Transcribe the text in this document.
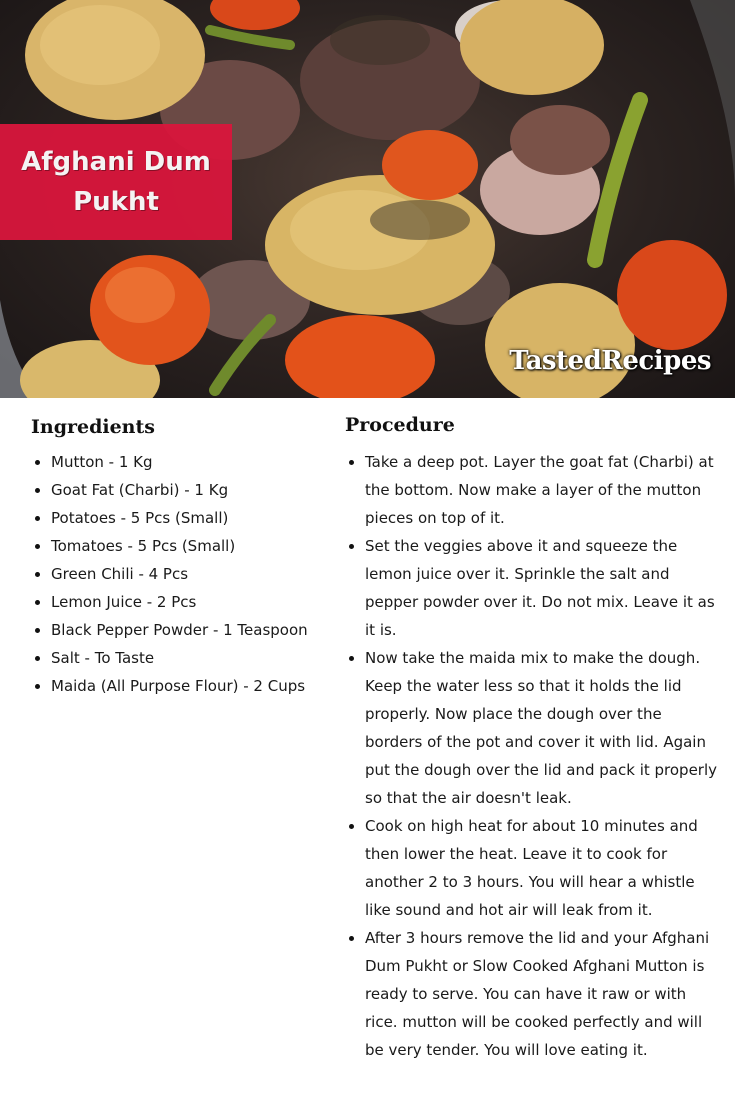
Afghani Dum Pukht
TastedRecipes
Ingredients
Mutton - 1 Kg
Goat Fat (Charbi) - 1 Kg
Potatoes - 5 Pcs (Small)
Tomatoes - 5 Pcs (Small)
Green Chili - 4 Pcs
Lemon Juice - 2 Pcs
Black Pepper Powder - 1 Teaspoon
Salt - To Taste
Maida (All Purpose Flour) - 2 Cups
Procedure
Take a deep pot. Layer the goat fat (Charbi) at the bottom. Now make a layer of the mutton pieces on top of it.
Set the veggies above it and squeeze the lemon juice over it. Sprinkle the salt and pepper powder over it. Do not mix. Leave it as it is.
Now take the maida mix to make the dough. Keep the water less so that it holds the lid properly. Now place the dough over the borders of the pot and cover it with lid. Again put the dough over the lid and pack it properly so that the air doesn't leak.
Cook on high heat for about 10 minutes and then lower the heat. Leave it to cook for another 2 to 3 hours. You will hear a whistle like sound and hot air will leak from it.
After 3 hours remove the lid and your Afghani Dum Pukht or Slow Cooked Afghani Mutton is ready to serve. You can have it raw or with rice. mutton will be cooked perfectly and will be very tender. You will love eating it.
